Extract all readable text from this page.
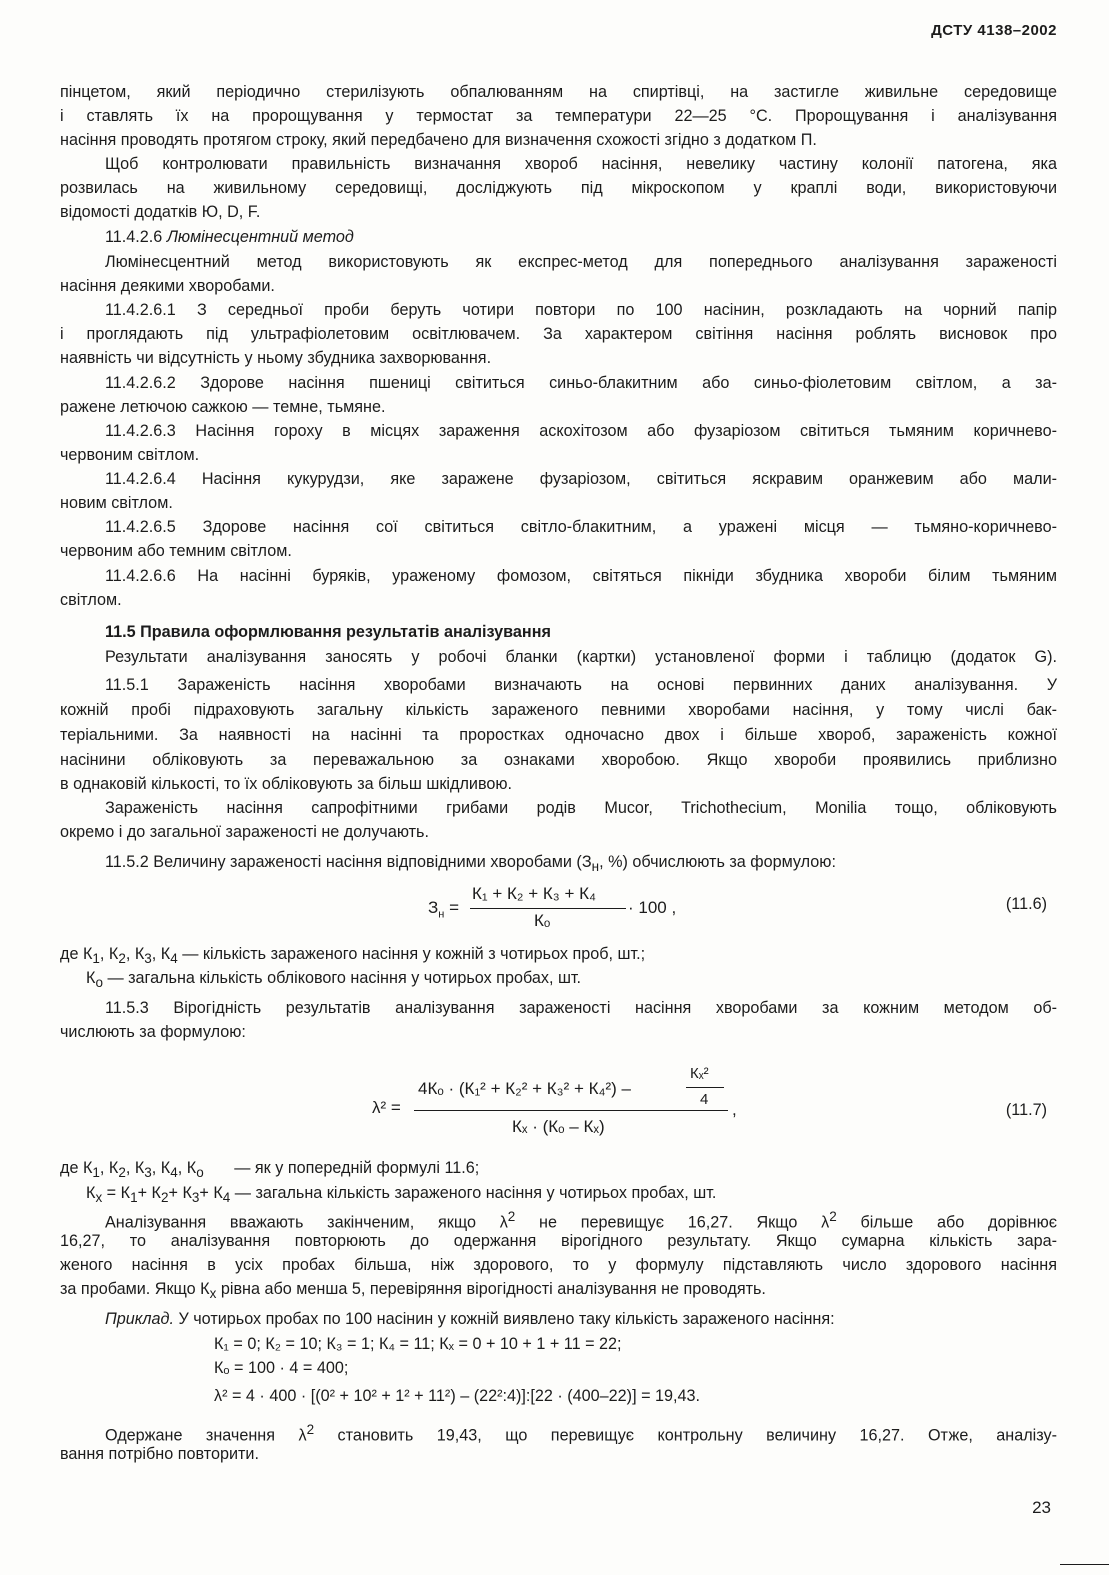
ДСТУ 4138–2002
пінцетом, який періодично стерилізують обпалюванням на спиртівці, на застигле живильне середовище
і ставлять їх на пророщування у термостат за температури 22—25 °С. Пророщування і аналізування
насіння проводять протягом строку, який передбачено для визначення схожості згідно з додатком П.
Щоб контролювати правильність визначання хвороб насіння, невелику частину колонії патогена, яка
розвилась на живильному середовищі, досліджують під мікроскопом у краплі води, використовуючи
відомості додатків Ю, D, F.
11.4.2.6 Люмінесцентний метод
Люмінесцентний метод використовують як експрес-метод для попереднього аналізування зараженості
насіння деякими хворобами.
11.4.2.6.1 З середньої проби беруть чотири повтори по 100 насінин, розкладають на чорний папір
і проглядають під ультрафіолетовим освітлювачем. За характером світіння насіння роблять висновок про
наявність чи відсутність у ньому збудника захворювання.
11.4.2.6.2 Здорове насіння пшениці світиться синьо-блакитним або синьо-фіолетовим світлом, а за-
ражене летючою сажкою — темне, тьмяне.
11.4.2.6.3 Насіння гороху в місцях зараження аскохітозом або фузаріозом світиться тьмяним коричнево-
червоним світлом.
11.4.2.6.4 Насіння кукурудзи, яке заражене фузаріозом, світиться яскравим оранжевим або мали-
новим світлом.
11.4.2.6.5 Здорове насіння сої світиться світло-блакитним, а уражені місця — тьмяно-коричнево-
червоним або темним світлом.
11.4.2.6.6 На насінні буряків, ураженому фомозом, світяться пікніди збудника хвороби білим тьмяним
світлом.
11.5 Правила оформлювання результатів аналізування
Результати аналізування заносять у робочі бланки (картки) установленої форми і таблицю (додаток G).
11.5.1 Зараженість насіння хворобами визначають на основі первинних даних аналізування. У
кожній пробі підраховують загальну кількість зараженого певними хворобами насіння, у тому числі бак-
теріальними. За наявності на насінні та проростках одночасно двох і більше хвороб, зараженість кожної
насінини обліковують за переважальною за ознаками хворобою. Якщо хвороби проявились приблизно
в однаковій кількості, то їх обліковують за більш шкідливою.
Зараженість насіння сапрофітними грибами родів Mucor, Trichothecium, Monilia тощо, обліковують
окремо і до загальної зараженості не долучають.
11.5.2 Величину зараженості насіння відповідними хворобами ($З_н$, %) обчислюють за формулою:
$З_н$ =
К₁ + К₂ + К₃ + К₄
Кₒ
· 100 ,	(11.6)
де $К_1$, $К_2$, $К_3$, $К_4$ — кількість зараженого насіння у кожній з чотирьох проб, шт.;
$К_о$ — загальна кількість облікового насіння у чотирьох пробах, шт.
11.5.3 Вірогідність результатів аналізування зараженості насіння хворобами за кожним методом об-
числюють за формулою:
λ² =
4Кₒ · (К₁² + К₂² + К₃² + К₄²) –
Кₓ²
4
Кₓ · (Кₒ – Кₓ)
,	(11.7)
де $К_1$, $К_2$, $К_3$, $К_4$, $К_о$ — як у попередній формулі 11.6;
$К_х = К_1+ К_2+ К_3+ К_4$ — загальна кількість зараженого насіння у чотирьох пробах, шт.
Аналізування вважають закінченим, якщо $\lambda^2$ не перевищує 16,27. Якщо $\lambda^2$ більше або дорівнює
16,27, то аналізування повторюють до одержання вірогідного результату. Якщо сумарна кількість зара-
женого насіння в усіх пробах більша, ніж здорового, то у формулу підставляють число здорового насіння
за пробами. Якщо $К_х$ рівна або менша 5, перевіряння вірогідності аналізування не проводять.
Приклад. У чотирьох пробах по 100 насінин у кожній виявлено таку кількість зараженого насіння:
К₁ = 0; К₂ = 10; К₃ = 1; К₄ = 11; Кₓ = 0 + 10 + 1 + 11 = 22;
Кₒ = 100 · 4 = 400;
λ² = 4 · 400 · [(0² + 10² + 1² + 11²) – (22²:4)]:[22 · (400–22)] = 19,43.
Одержане значення $\lambda^2$ становить 19,43, що перевищує контрольну величину 16,27. Отже, аналізу-
вання потрібно повторити.
23
